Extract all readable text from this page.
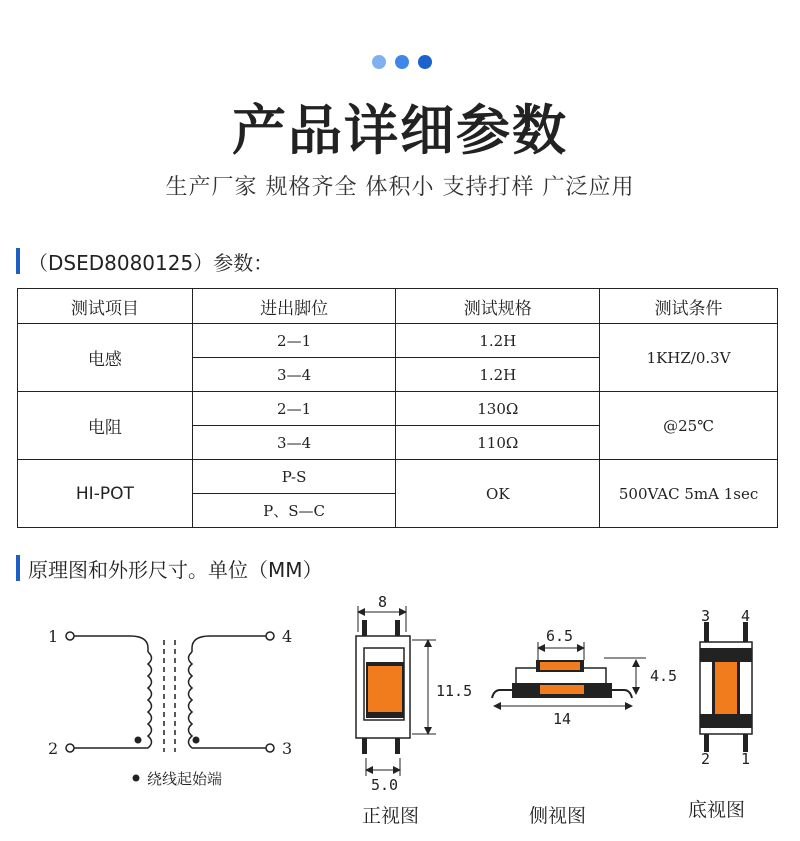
产品详细参数
生产厂家 规格齐全 体积小 支持打样 广泛应用
（DSED8080125）参数：
测试项目	进出脚位	测试规格	测试条件
电感	2—1	1.2H	1KHZ/0.3V
	3—4	1.2H	
电阻	2—1	130Ω	@25℃
	3—4	110Ω	
HI-POT	P-S	OK	500VAC 5mA 1sec
	P、S—C		
原理图和外形尺寸。单位（MM）
1
2	3
4
绕线起始端
8
11.5
5.0
正视图
6.5
4.5
14
侧视图
3 4
2 1
底视图
